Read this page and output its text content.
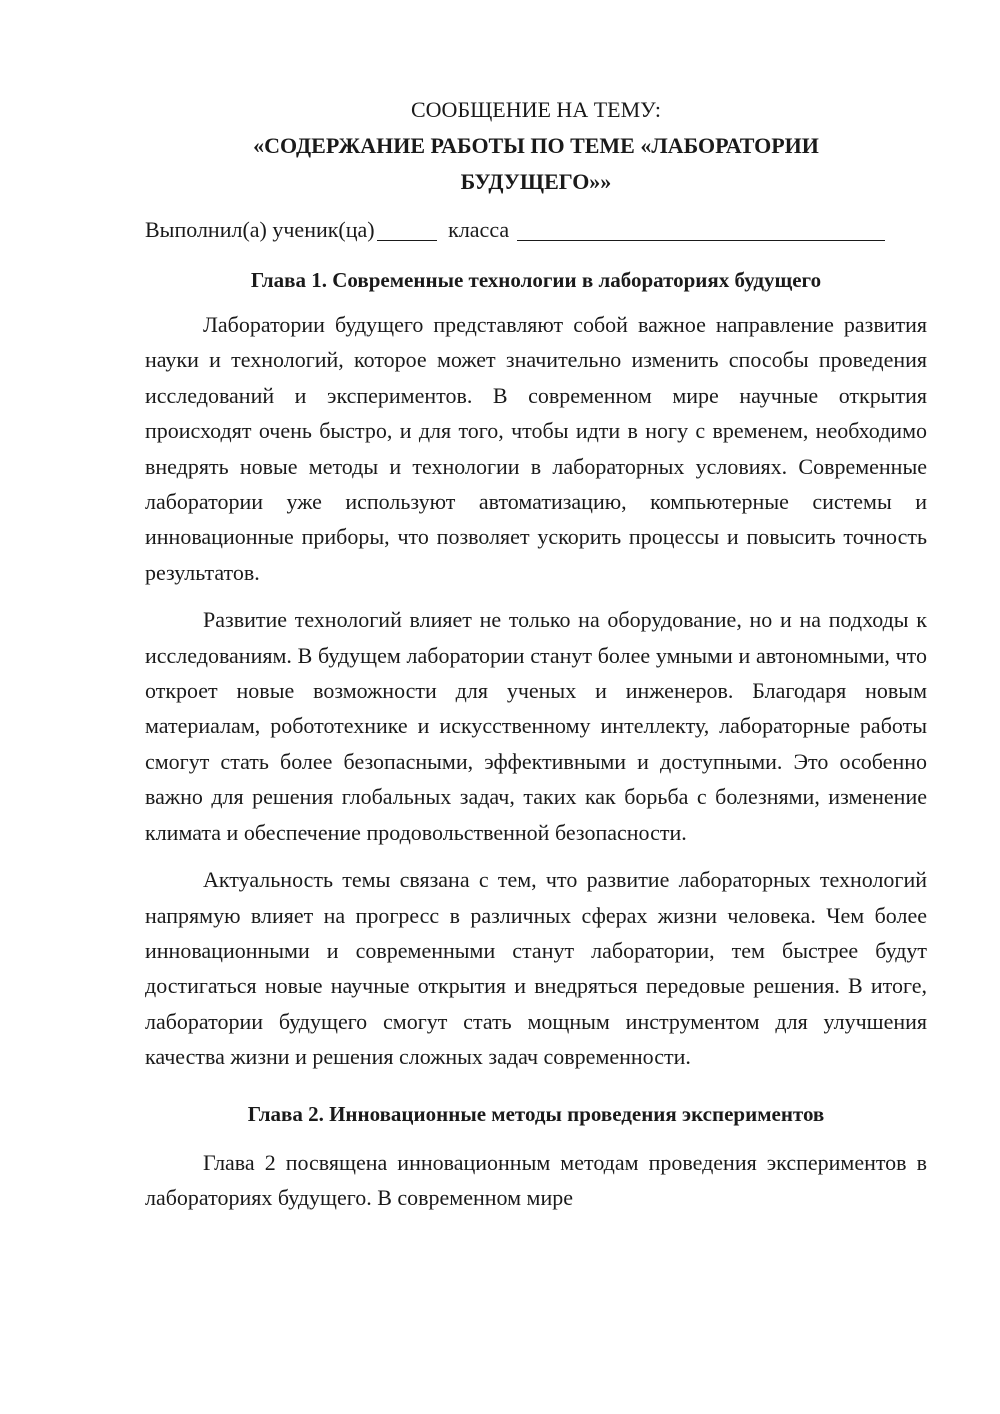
СООБЩЕНИЕ НА ТЕМУ:

«СОДЕРЖАНИЕ РАБОТЫ ПО ТЕМЕ «ЛАБОРАТОРИИ

БУДУЩЕГО»»

Выполнил(а) ученик(ца)	класса

Глава 1. Современные технологии в лабораториях будущего

Лаборатории будущего представляют собой важное направление развития науки и технологий, которое может значительно изменить способы проведения исследований и экспериментов. В современном мире научные открытия происходят очень быстро, и для того, чтобы идти в ногу с временем, необходимо внедрять новые методы и технологии в лабораторных условиях. Современные лаборатории уже используют автоматизацию, компьютерные системы и инновационные приборы, что позволяет ускорить процессы и повысить точность результатов.

Развитие технологий влияет не только на оборудование, но и на подходы к исследованиям. В будущем лаборатории станут более умными и автономными, что откроет новые возможности для ученых и инженеров. Благодаря новым материалам, робототехнике и искусственному интеллекту, лабораторные работы смогут стать более безопасными, эффективными и доступными. Это особенно важно для решения глобальных задач, таких как борьба с болезнями, изменение климата и обеспечение продовольственной безопасности.

Актуальность темы связана с тем, что развитие лабораторных технологий напрямую влияет на прогресс в различных сферах жизни человека. Чем более инновационными и современными станут лаборатории, тем быстрее будут достигаться новые научные открытия и внедряться передовые решения. В итоге, лаборатории будущего смогут стать мощным инструментом для улучшения качества жизни и решения сложных задач современности.

Глава 2. Инновационные методы проведения экспериментов

Глава 2 посвящена инновационным методам проведения экспериментов в лабораториях будущего. В современном мире
